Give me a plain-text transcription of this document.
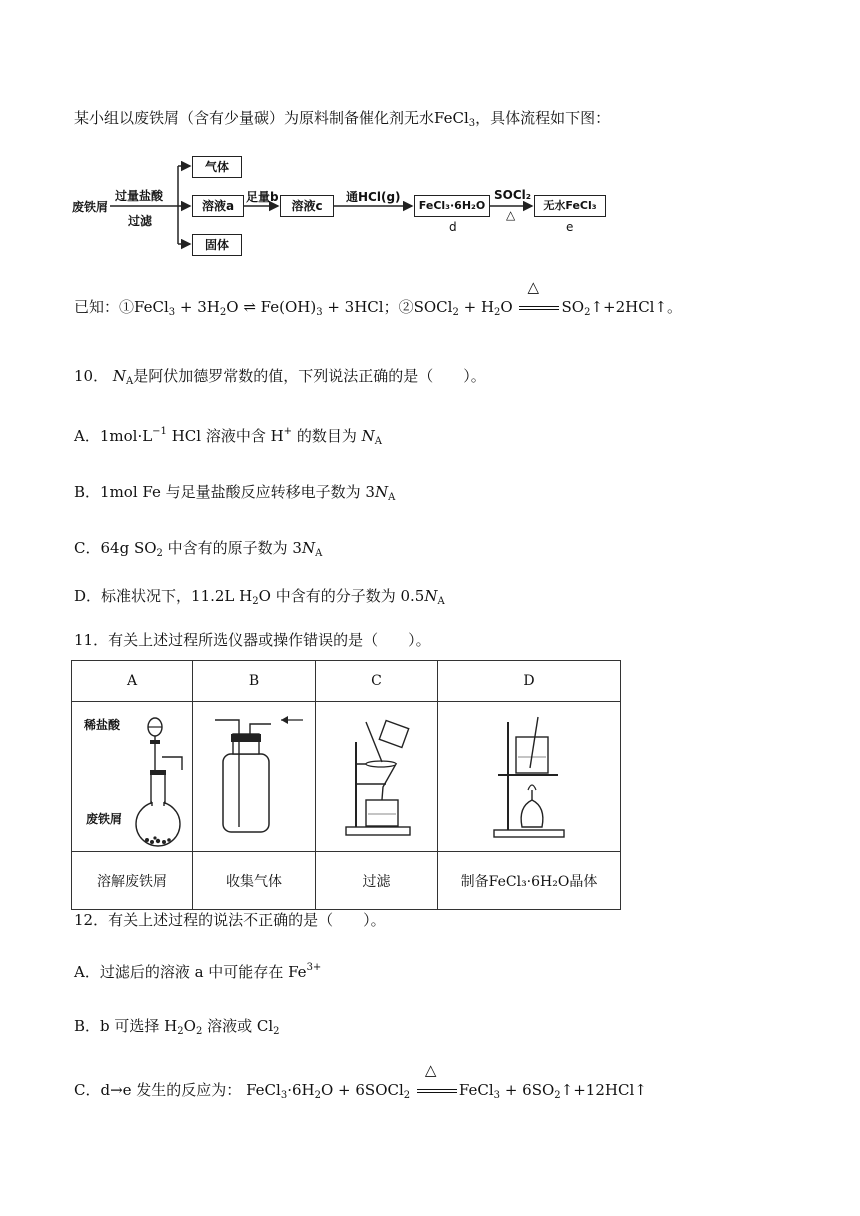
某小组以废铁屑（含有少量碳）为原料制备催化剂无水FeCl$_3$，具体流程如下图：
废铁屑
过量盐酸
过滤
气体
溶液a
固体
足量b
溶液c
通HCl(g)
FeCl₃·6H₂O
d
SOCl₂
△
无水FeCl₃
e
已知：①FeCl$_3$ + $3H_2O$ ⇌ $Fe(OH)_3 + 3HCl$；②SOCl$_2$ + $H_2O$
△
$SO_2↑+2HCl↑$。
10． $N_A$是阿伏加德罗常数的值，下列说法正确的是（　　）。
A．$1mol\cdot L^{-1}$ HCl 溶液中含 H+ 的数目为 $N_A$
B．1mol Fe 与足量盐酸反应转移电子数为 $3N_A$
C．64g $SO_2$ 中含有的原子数为 $3N_A$
D．标准状况下，11.2L $H_2O$ 中含有的分子数为 $0.5N_A$
11．有关上述过程所选仪器或操作错误的是（　　）。
A	B	C	D

稀盐酸
废铁屑

溶解废铁屑	收集气体	过滤	制备FeCl₃·6H₂O晶体
12．有关上述过程的说法不正确的是（　　）。
A．过滤后的溶液 a 中可能存在 $Fe^{3+}$
B．b 可选择 $H_2O_2$ 溶液或 $Cl_2$
C．d→e 发生的反应为： $FeCl_3\cdot 6H_2O$ + 6SOCl$_2$
△
FeCl$_3$ + $6SO_2↑+12HCl↑$
